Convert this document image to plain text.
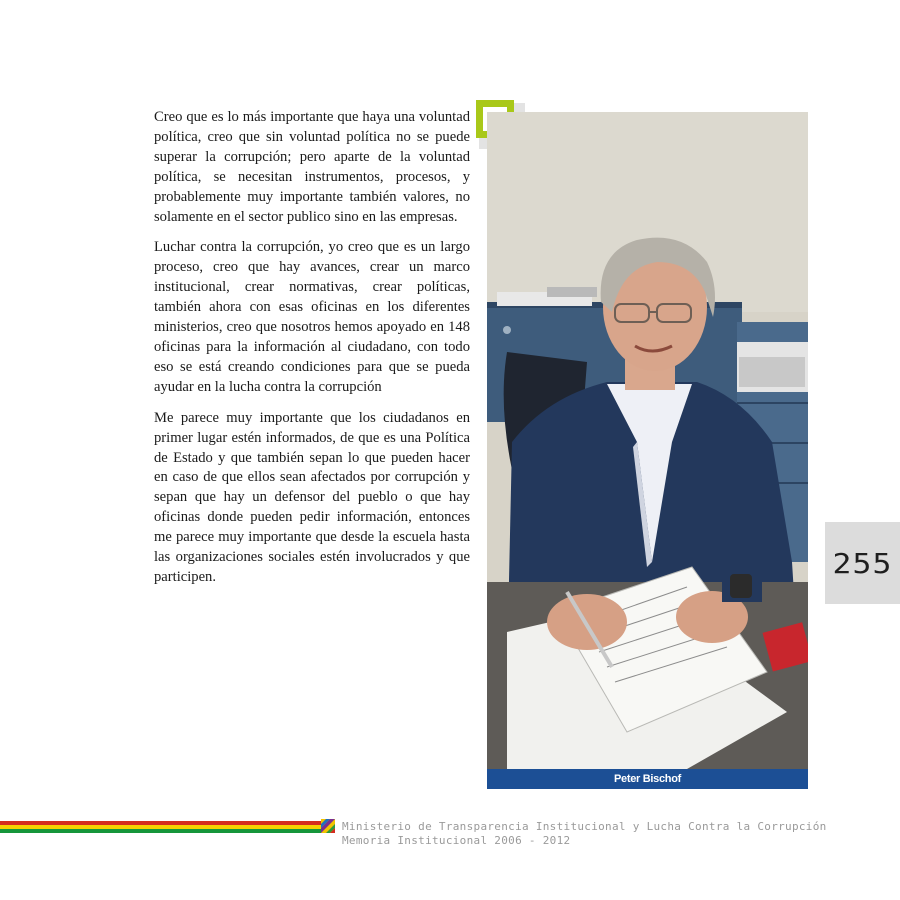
Creo que es lo más importante que haya una voluntad política, creo que sin voluntad política no se puede superar la corrupción; pero aparte de la voluntad política, se necesitan instrumentos, procesos, y probablemente muy importante también valores, no solamente en el sector publico sino en las empresas.

Luchar contra la corrupción, yo creo que es un largo proceso, creo que hay avances, crear un marco institucional, crear normativas, crear políticas, también ahora con esas oficinas en los diferentes ministerios, creo que nosotros hemos apoyado en 148 oficinas para la información al ciudadano, con todo eso se está creando condiciones para que se pueda ayudar en la lucha contra la corrupción

Me parece muy importante que los ciudadanos en primer lugar estén informados, de que es una Política de Estado y que también sepan lo que pueden hacer en caso de que ellos sean afectados por corrupción y sepan que hay un defensor del pueblo o que hay oficinas donde pueden pedir información, entonces me parece muy importante que desde la escuela hasta las organizaciones sociales estén involucrados y que participen.

Peter Bischof
255
Ministerio de Transparencia Institucional y Lucha Contra la Corrupción
Memoria Institucional 2006 - 2012
